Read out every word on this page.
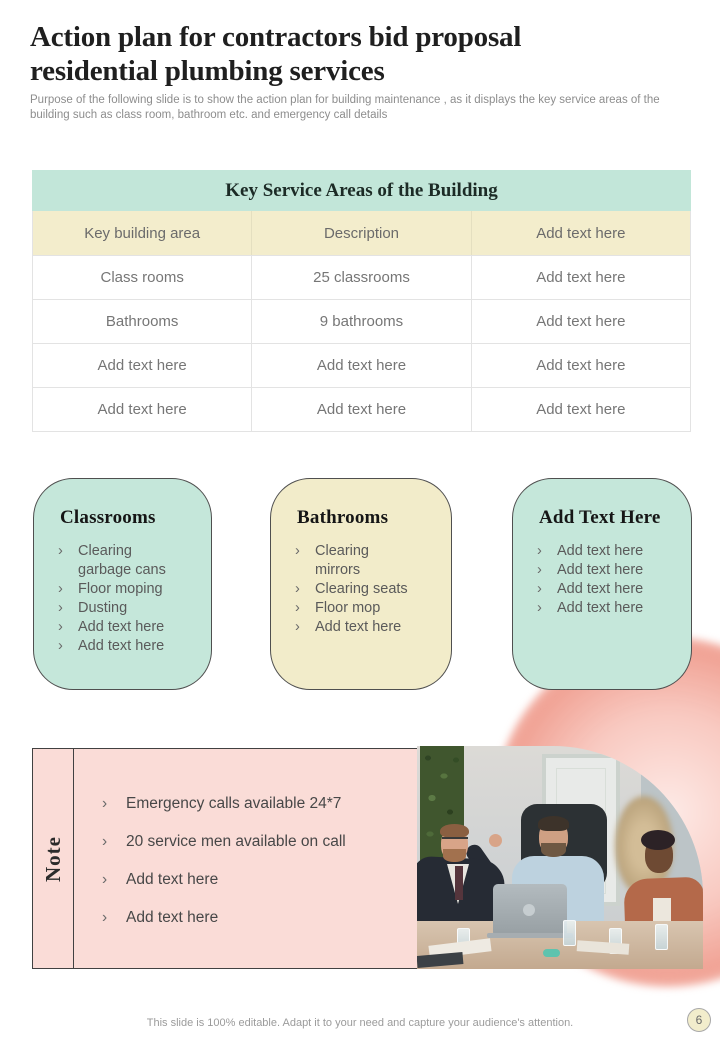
Action plan for contractors bid proposal
residential plumbing services
Purpose of the following slide is to show the action plan for building maintenance , as it displays the key service areas of the building such as class room, bathroom etc. and emergency call details
Key Service Areas of the Building
Key building area	Description	Add text here
Class rooms	25 classrooms	Add text here
Bathrooms	9 bathrooms	Add text here
Add text here	Add text here	Add text here
Add text here	Add text here	Add text here
Classrooms
›	Clearing garbage cans
›	Floor moping
›	Dusting
›	Add text here
›	Add text here
Bathrooms
›	Clearing mirrors
›	Clearing seats
›	Floor mop
›	Add text here
Add Text Here
›	Add text here
›	Add text here
›	Add text here
›	Add text here
Note
›	Emergency calls available 24*7
›	20 service men available on call
›	Add text here
›	Add text here
This slide is 100% editable. Adapt it to your need and capture your audience's attention.	6
